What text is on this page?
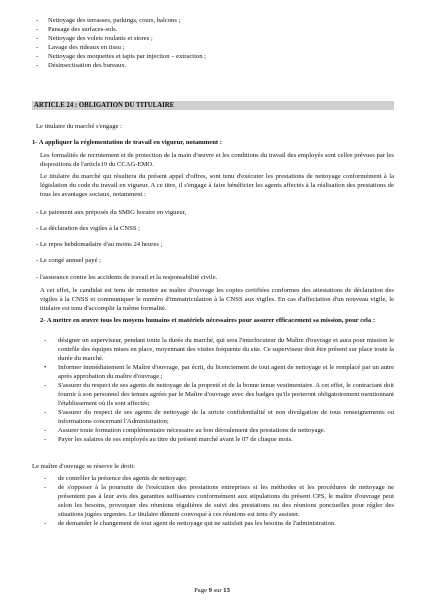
- Nettoyage des terrasses, parkings, cours, balcons ;
- Pansage des surfaces-sols.
- Nettoyage des volets roulants et stores ;
- Lavage des rideaux en tissu ;
- Nettoyage des moquettes et tapis par injection – extraction ;
- Désinsectisation des bureaux.
ARTICLE 24 : OBLIGATION DU TITULAIRE
Le titulaire du marché s'engage :
1- A appliquer la réglementation de travail en vigueur, notamment :
Les formalités de recrutement et de protection de la main d'œuvre et les conditions du travail des employés sont celles prévues par les dispositions de l'article19 du CCAG-EMO.
Le titulaire du marché qui résultera du présent appel d'offres, sont tenu d'exécuter les prestations de nettoyage conformément à la législation du code du travail en vigueur. A ce titre, il s'engage à faire bénéficier les agents affectés à la réalisation des prestations de tous les avantages sociaux, notamment :
- Le paiement aux préposés du SMIG horaire en vigueur,
- La déclaration des vigiles à la CNSS ;
- Le repos hebdomadaire d'au moins 24 heures ;
- Le congé annuel payé ;
- l'assurance contre les accidents de travail et la responsabilité civile.
A cet effet, le candidat est tenu de remettre au maître d'ouvrage les copies certifiées conformes des attestations de déclaration des vigiles à la CNSS et communiquer le numéro d'immatriculation à la CNSS aux vigiles. En cas d'affectation d'un nouveau vigile, le titulaire est tenu d'accomplir la même formalité.
2- A mettre en œuvre tous les moyens humains et matériels nécessaires pour assurer efficacement sa mission, pour cela :
- désigner un superviseur, pendant toute la durée du marché, qui sera l'interlocuteur du Maître d'ouvrage et aura pour mission le contrôle des équipes mises en place, moyennant des visites fréquente du site. Ce superviseur doit être présent sur place toute la durée du marché.
• Informer immédiatement le Maître d'ouvrage, par écrit, du licenciement de tout agent de nettoyage et le remplacé par un autre après approbation du maître d'ouvrage ;
- S'assurer du respect de ses agents de nettoyage de la propreté et de la bonne tenue vestimentaire. A cet effet, le contractant doit fournir à son personnel des tenues agrées par le Maître d'ouvrage avec des badges qu'ils porteront obligatoirement mentionnant l'établissement où ils sont affectés;
- S'assurer du respect de ses agents de nettoyage de la stricte confidentialité et non divulgation de tous renseignements ou informations concernant l'Administration;
- Assurer toute formation complémentaire nécessaire au bon déroulement des prestations de nettoyage.
- Payer les salaires de ses employés au titre du présent marché avant le 07 de chaque mois.
Le maître d'ouvrage se réserve le droit:
- de contrôler la présence des agents de nettoyage;
- de s'opposer à la poursuite de l'exécution des prestations entreprises si les méthodes et les procédures de nettoyage ne présentent pas à leur avis des garanties suffisantes conformément aux stipulations du présent CPS, le maître d'ouvrage peut selon les besoins, provoquer des réunions régulières de suivi des prestations ou des réunions ponctuelles pour régler des situations jugées urgentes. Le titulaire dûment convoqué à ces réunions est tenu d'y assister.
- de demander le changement de tout agent de nettoyage qui ne satisfait pas les besoins de l'administration.
Page 9 sur 13
